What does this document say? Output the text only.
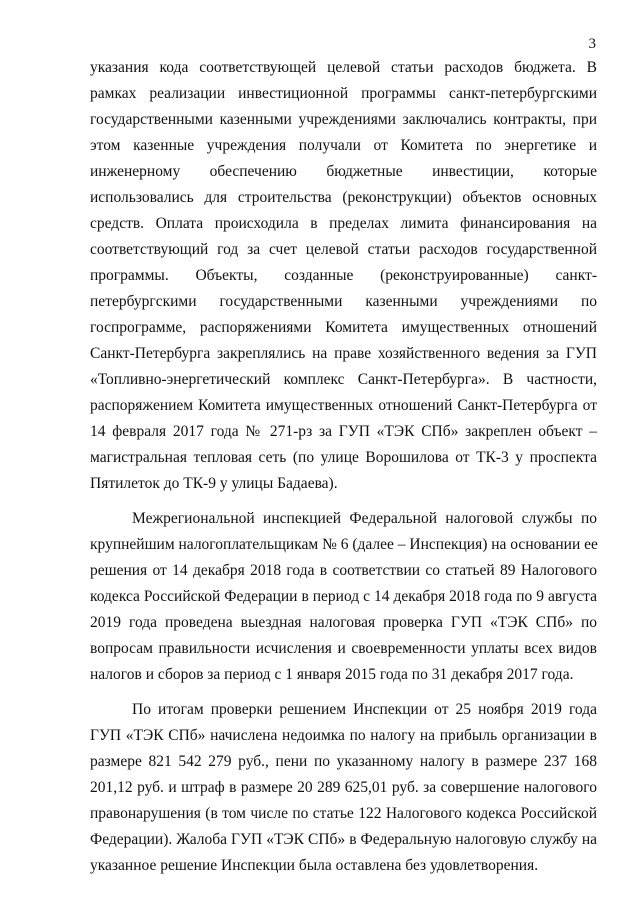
3
указания кода соответствующей целевой статьи расходов бюджета. В
рамках реализации инвестиционной программы санкт-петербургскими
государственными казенными учреждениями заключались контракты, при
этом казенные учреждения получали от Комитета по энергетике и
инженерному обеспечению бюджетные инвестиции, которые
использовались для строительства (реконструкции) объектов основных
средств. Оплата происходила в пределах лимита финансирования на
соответствующий год за счет целевой статьи расходов государственной
программы. Объекты, созданные (реконструированные) санкт-
петербургскими государственными казенными учреждениями по
госпрограмме, распоряжениями Комитета имущественных отношений
Санкт-Петербурга закреплялись на праве хозяйственного ведения за ГУП
«Топливно-энергетический комплекс Санкт-Петербурга». В частности,
распоряжением Комитета имущественных отношений Санкт-Петербурга от
14 февраля 2017 года № 271-рз за ГУП «ТЭК СПб» закреплен объект –
магистральная тепловая сеть (по улице Ворошилова от ТК-3 у проспекта
Пятилеток до ТК-9 у улицы Бадаева).
Межрегиональной инспекцией Федеральной налоговой службы по
крупнейшим налогоплательщикам № 6 (далее – Инспекция) на основании ее
решения от 14 декабря 2018 года в соответствии со статьей 89 Налогового
кодекса Российской Федерации в период с 14 декабря 2018 года по 9 августа
2019 года проведена выездная налоговая проверка ГУП «ТЭК СПб» по
вопросам правильности исчисления и своевременности уплаты всех видов
налогов и сборов за период с 1 января 2015 года по 31 декабря 2017 года.
По итогам проверки решением Инспекции от 25 ноября 2019 года
ГУП «ТЭК СПб» начислена недоимка по налогу на прибыль организации в
размере 821 542 279 руб., пени по указанному налогу в размере 237 168
201,12 руб. и штраф в размере 20 289 625,01 руб. за совершение налогового
правонарушения (в том числе по статье 122 Налогового кодекса Российской
Федерации). Жалоба ГУП «ТЭК СПб» в Федеральную налоговую службу на
указанное решение Инспекции была оставлена без удовлетворения.
